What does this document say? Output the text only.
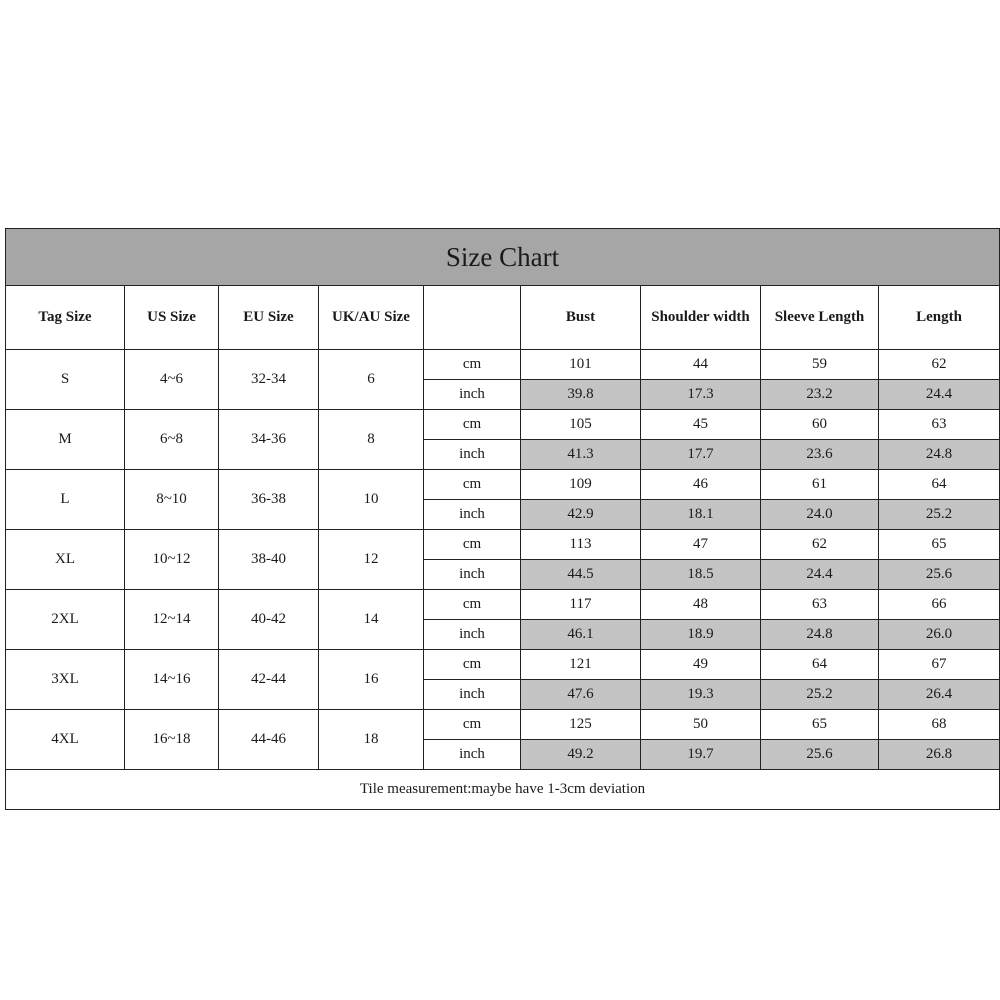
Size Chart								
Tag Size	US Size	EU Size	UK/AU Size		Bust	Shoulder width	Sleeve Length	Length
S	4~6	32-34	6	cm	101	44	59	62
				inch	39.8	17.3	23.2	24.4
M	6~8	34-36	8	cm	105	45	60	63
				inch	41.3	17.7	23.6	24.8
L	8~10	36-38	10	cm	109	46	61	64
				inch	42.9	18.1	24.0	25.2
XL	10~12	38-40	12	cm	113	47	62	65
				inch	44.5	18.5	24.4	25.6
2XL	12~14	40-42	14	cm	117	48	63	66
				inch	46.1	18.9	24.8	26.0
3XL	14~16	42-44	16	cm	121	49	64	67
				inch	47.6	19.3	25.2	26.4
4XL	16~18	44-46	18	cm	125	50	65	68
				inch	49.2	19.7	25.6	26.8
Tile measurement:maybe have 1-3cm deviation								
